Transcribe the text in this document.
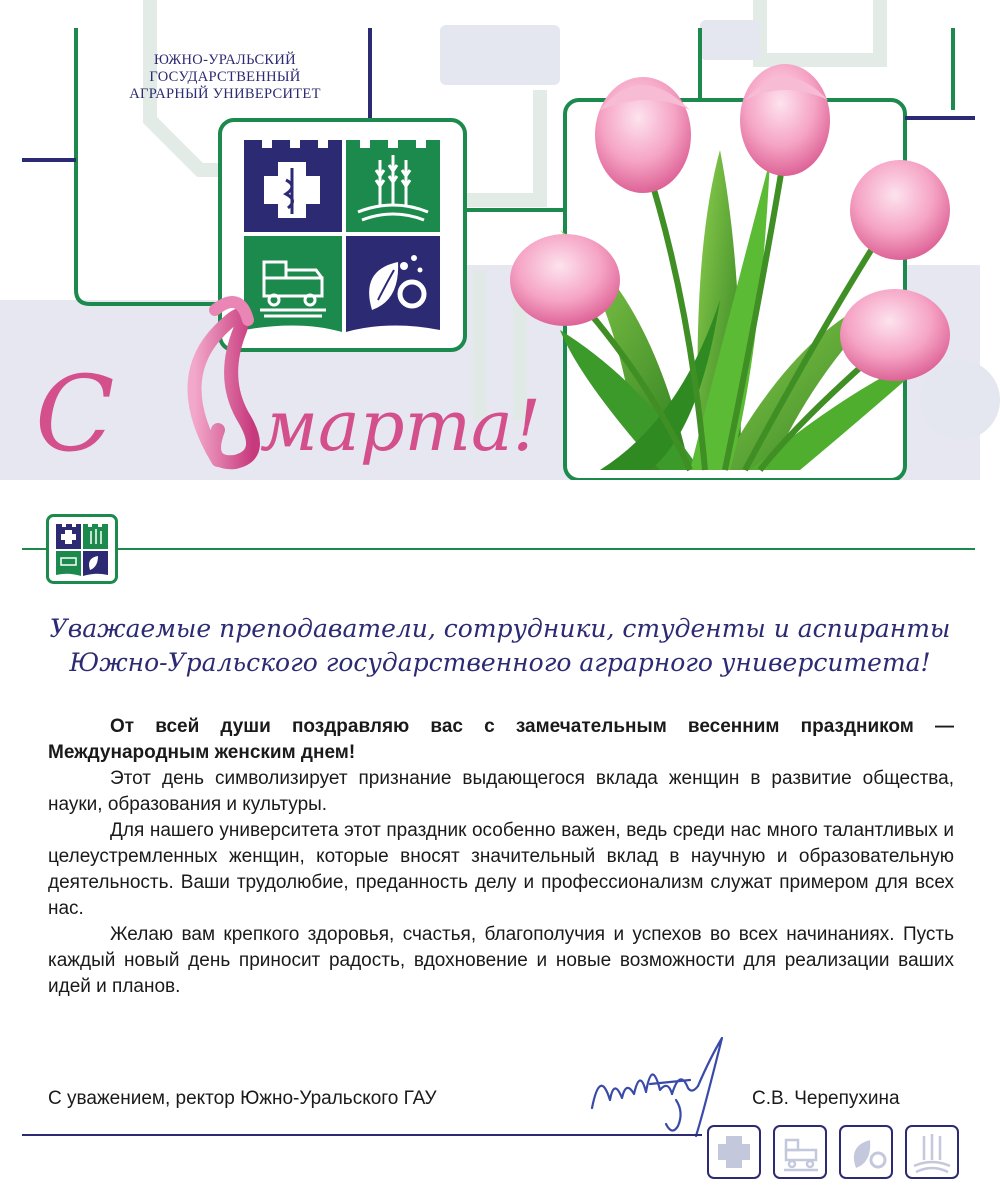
С марта!
ЮЖНО-УРАЛЬСКИЙ
ГОСУДАРСТВЕННЫЙ
АГРАРНЫЙ УНИВЕРСИТЕТ
Уважаемые преподаватели, сотрудники, студенты и аспиранты
Южно-Уральского государственного аграрного университета!

От всей души поздравляю вас с замечательным весенним праздником — Международным женским днем!

Этот день символизирует признание выдающегося вклада женщин в развитие общества, науки, образования и культуры.

Для нашего университета этот праздник особенно важен, ведь среди нас много талантливых и целеустремленных женщин, которые вносят значительный вклад в научную и образовательную деятельность. Ваши трудолюбие, преданность делу и профессионализм служат примером для всех нас.

Желаю вам крепкого здоровья, счастья, благополучия и успехов во всех начинаниях. Пусть каждый новый день приносит радость, вдохновение и новые возможности для реализации ваших идей и планов.

С уважением, ректор Южно-Уральского ГАУ	С.В. Черепухина
